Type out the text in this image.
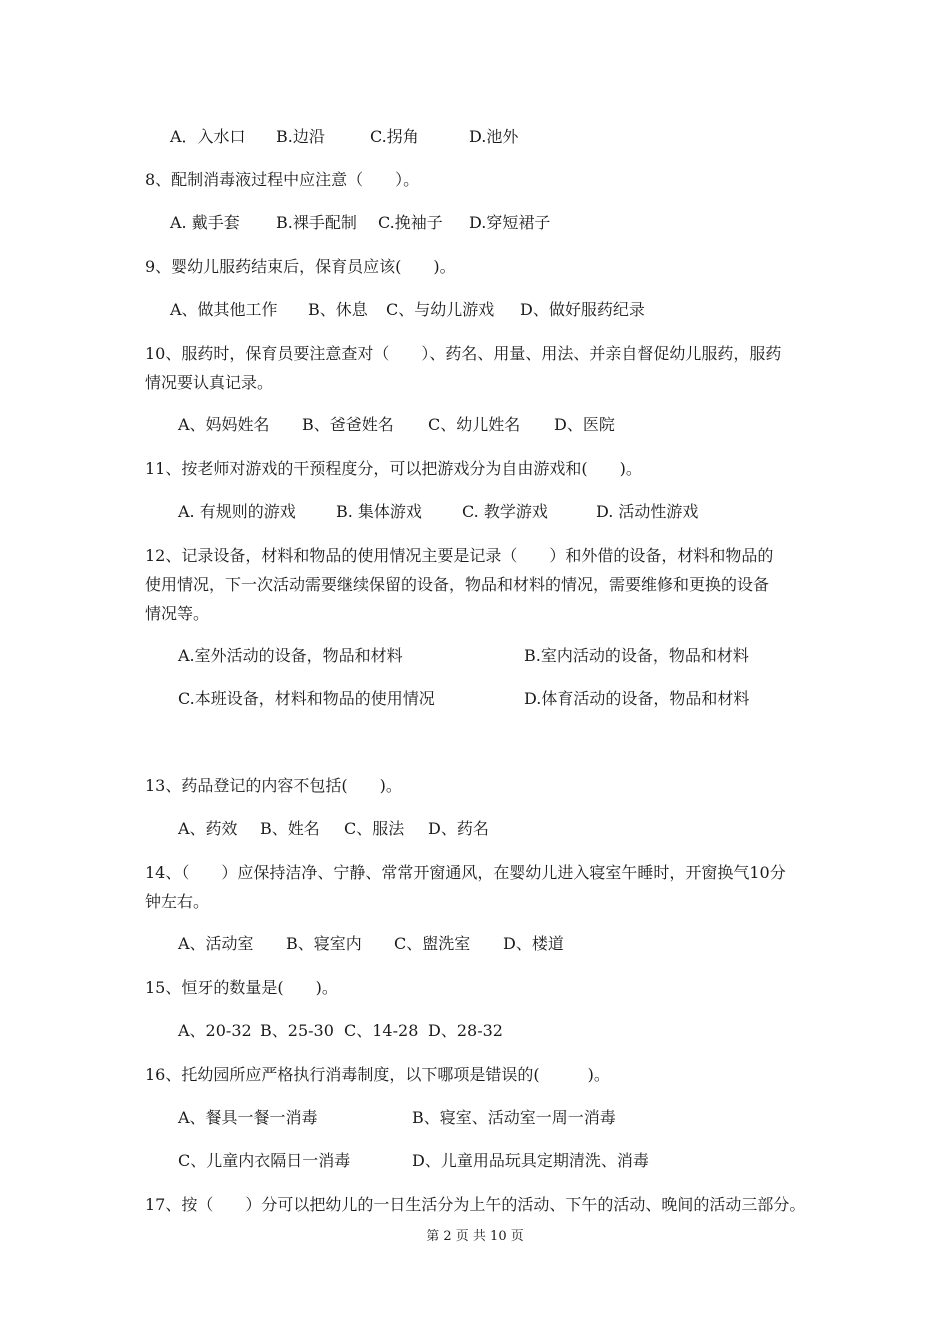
A．入水口

B.边沿

	C.拐角

	D.池外

8、配制消毒液过程中应注意（　　）。

A. 戴手套

B.裸手配制

C.挽袖子

D.穿短裙子

9、婴幼儿服药结束后，保育员应该(　　)。

A、做其他工作

B、休息

C、与幼儿游戏

D、做好服药纪录

10、服药时，保育员要注意查对（　　）、药名、用量、用法、并亲自督促幼儿服药，服药
情况要认真记录。

A、妈妈姓名

B、爸爸姓名

C、幼儿姓名

D、医院

11、按老师对游戏的干预程度分，可以把游戏分为自由游戏和(　　)。

A. 有规则的游戏

	B. 集体游戏

	C. 教学游戏

	D. 活动性游戏

12、记录设备，材料和物品的使用情况主要是记录（　　）和外借的设备，材料和物品的
使用情况，下一次活动需要继续保留的设备，物品和材料的情况，需要维修和更换的设备
情况等。

A.室外活动的设备，物品和材料

	B.室内活动的设备，物品和材料

C.本班设备，材料和物品的使用情况

	D.体育活动的设备，物品和材料

13、药品登记的内容不包括(　　)。

A、药效

B、姓名

C、服法

D、药名

14、（　　）应保持洁净、宁静、常常开窗通风，在婴幼儿进入寝室午睡时，开窗换气10分
钟左右。

A、活动室

B、寝室内

C、盥洗室

D、楼道

15、恒牙的数量是(　　)。

A、20-32

B、25-30

C、14-28

D、28-32

16、托幼园所应严格执行消毒制度，以下哪项是错误的(　　　)。

A、餐具一餐一消毒

	B、寝室、活动室一周一消毒

C、儿童内衣隔日一消毒

	D、儿童用品玩具定期清洗、消毒

17、按（　　）分可以把幼儿的一日生活分为上午的活动、下午的活动、晚间的活动三部分。
第 2 页 共 10 页
